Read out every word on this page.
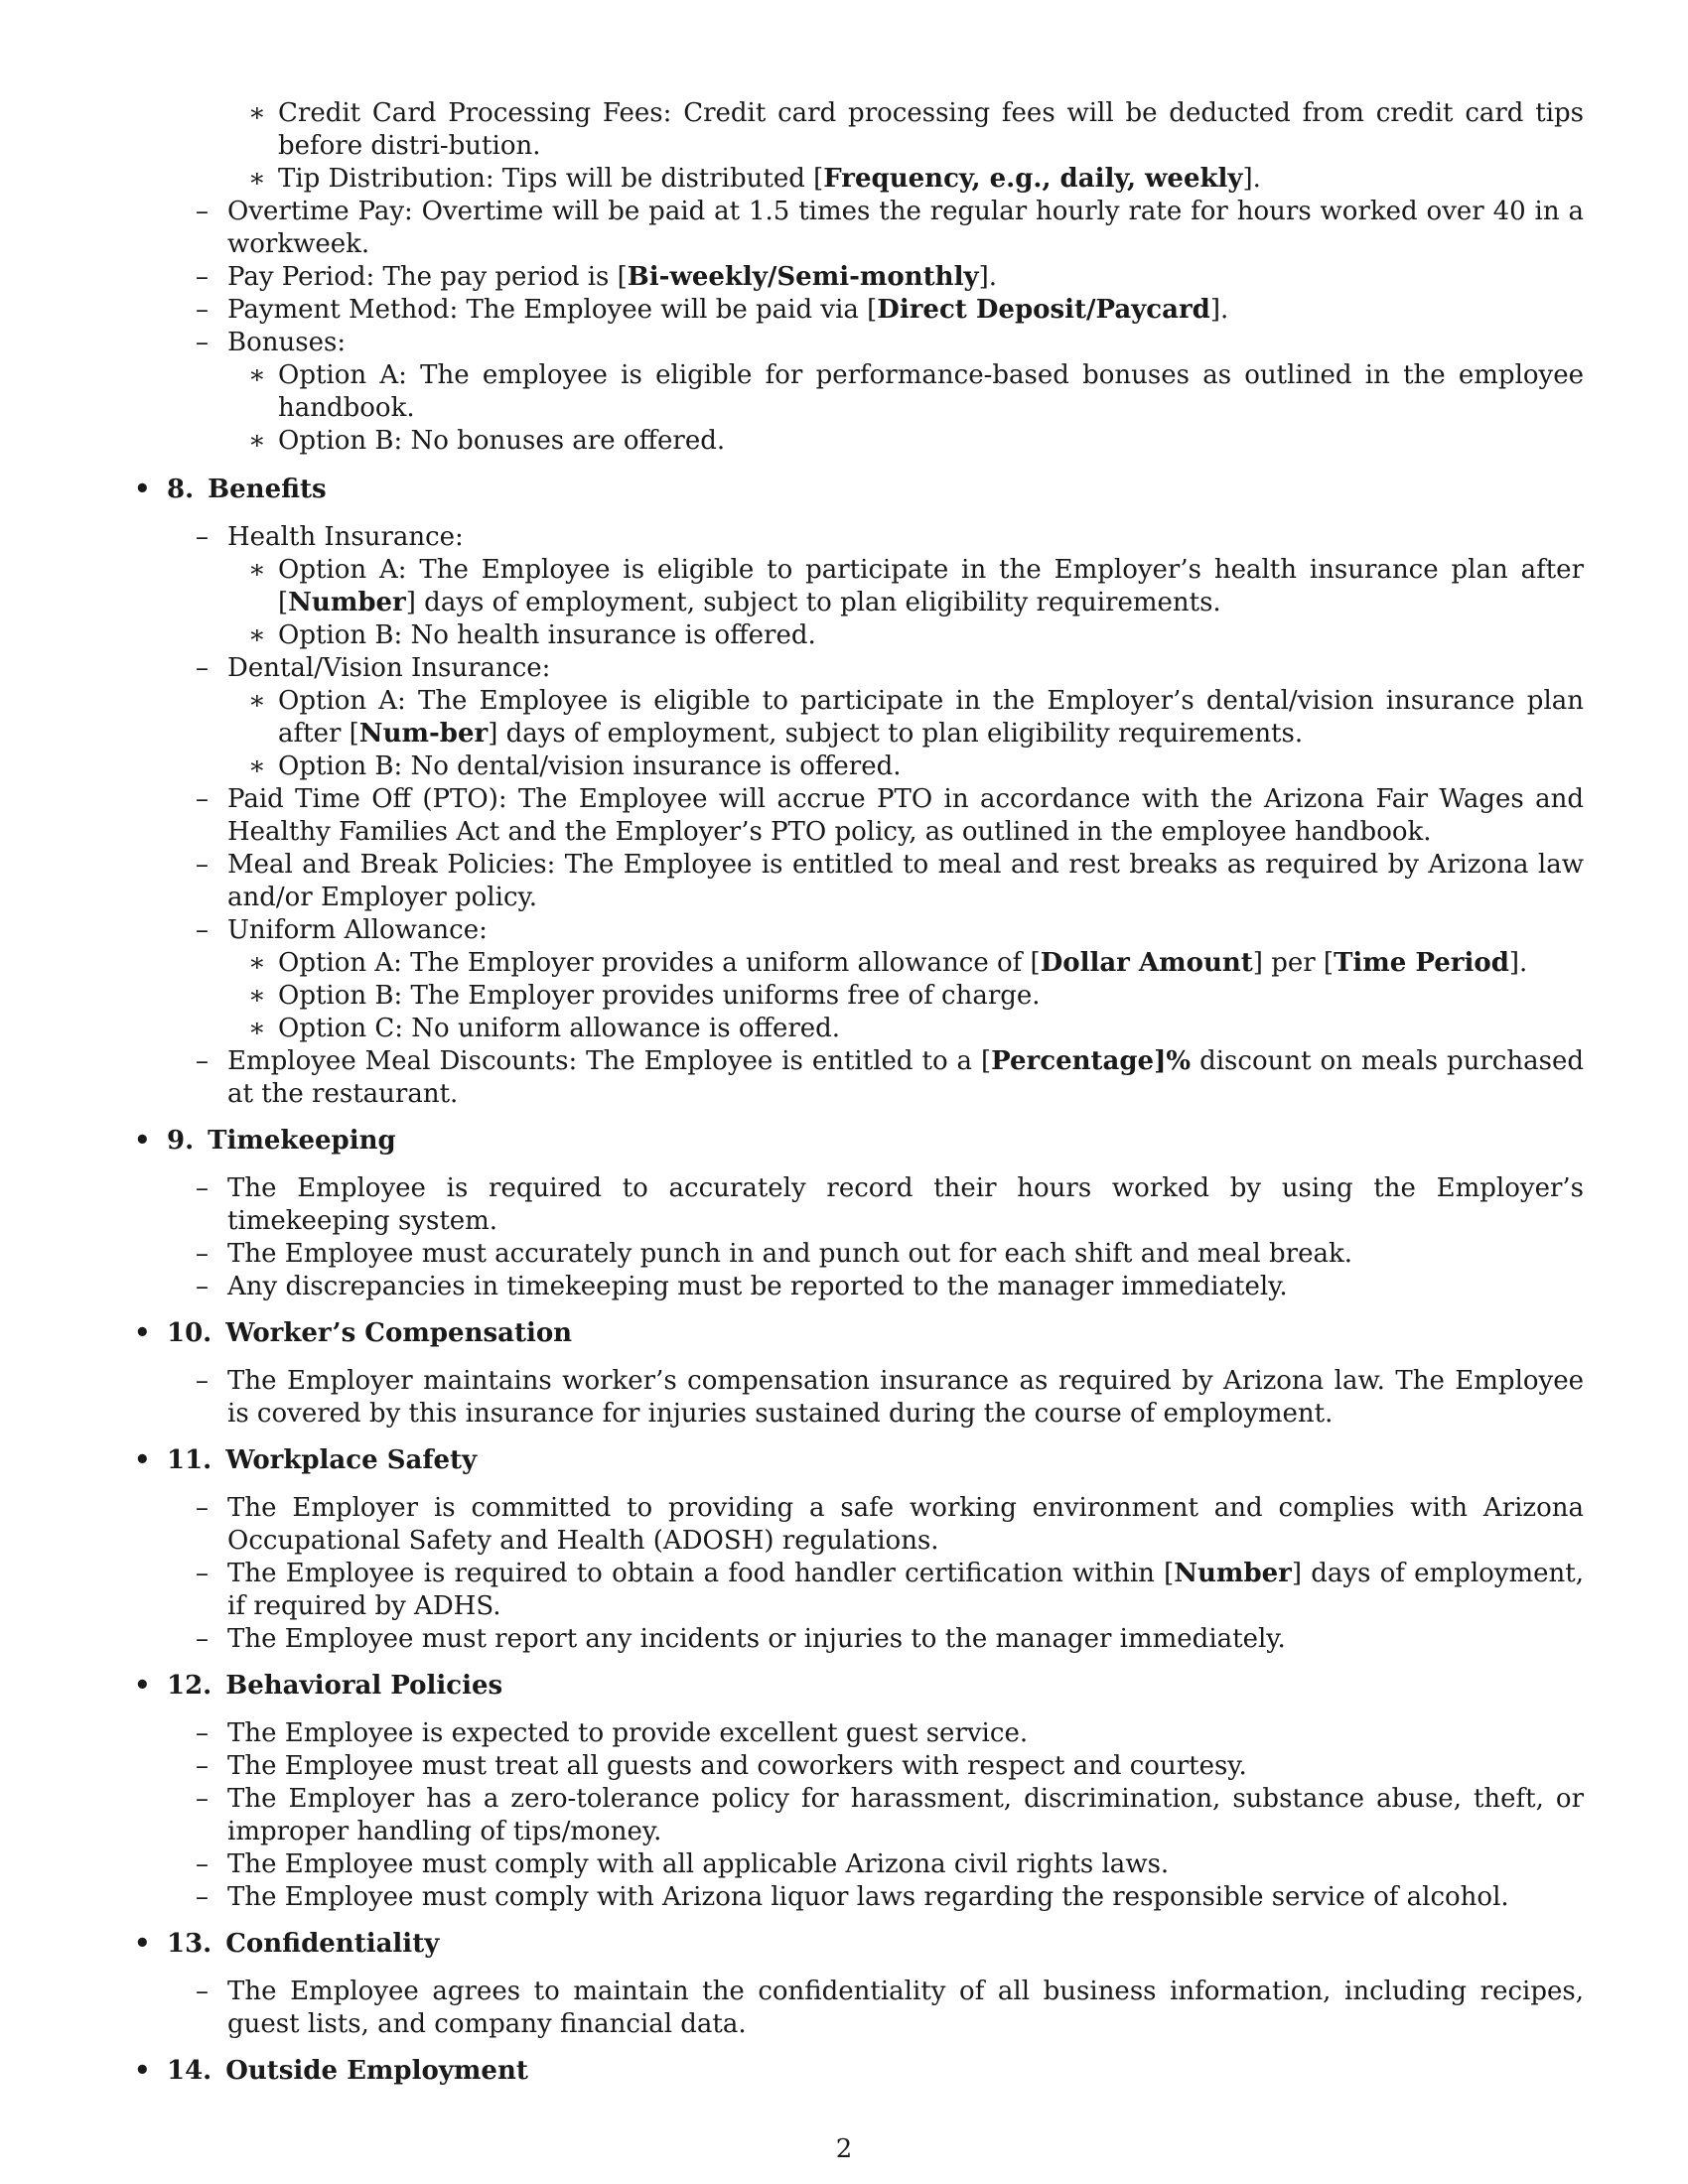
∗ Credit Card Processing Fees: Credit card processing fees will be deducted from credit card tips before distri-bution.
∗ Tip Distribution: Tips will be distributed [Frequency, e.g., daily, weekly].
– Overtime Pay: Overtime will be paid at 1.5 times the regular hourly rate for hours worked over 40 in a workweek.
– Pay Period: The pay period is [Bi-weekly/Semi-monthly].
– Payment Method: The Employee will be paid via [Direct Deposit/Paycard].
– Bonuses:
∗ Option A: The employee is eligible for performance-based bonuses as outlined in the employee handbook.
∗ Option B: No bonuses are offered.
• 8. Benefits
– Health Insurance:
∗ Option A: The Employee is eligible to participate in the Employer’s health insurance plan after [Number] days of employment, subject to plan eligibility requirements.
∗ Option B: No health insurance is offered.
– Dental/Vision Insurance:
∗ Option A: The Employee is eligible to participate in the Employer’s dental/vision insurance plan after [Num-ber] days of employment, subject to plan eligibility requirements.
∗ Option B: No dental/vision insurance is offered.
– Paid Time Off (PTO): The Employee will accrue PTO in accordance with the Arizona Fair Wages and Healthy Families Act and the Employer’s PTO policy, as outlined in the employee handbook.
– Meal and Break Policies: The Employee is entitled to meal and rest breaks as required by Arizona law and/or Employer policy.
– Uniform Allowance:
∗ Option A: The Employer provides a uniform allowance of [Dollar Amount] per [Time Period].
∗ Option B: The Employer provides uniforms free of charge.
∗ Option C: No uniform allowance is offered.
– Employee Meal Discounts: The Employee is entitled to a [Percentage]% discount on meals purchased at the restaurant.
• 9. Timekeeping
– The Employee is required to accurately record their hours worked by using the Employer’s timekeeping system.
– The Employee must accurately punch in and punch out for each shift and meal break.
– Any discrepancies in timekeeping must be reported to the manager immediately.
• 10. Worker’s Compensation
– The Employer maintains worker’s compensation insurance as required by Arizona law. The Employee is covered by this insurance for injuries sustained during the course of employment.
• 11. Workplace Safety
– The Employer is committed to providing a safe working environment and complies with Arizona Occupational Safety and Health (ADOSH) regulations.
– The Employee is required to obtain a food handler certification within [Number] days of employment, if required by ADHS.
– The Employee must report any incidents or injuries to the manager immediately.
• 12. Behavioral Policies
– The Employee is expected to provide excellent guest service.
– The Employee must treat all guests and coworkers with respect and courtesy.
– The Employer has a zero-tolerance policy for harassment, discrimination, substance abuse, theft, or improper handling of tips/money.
– The Employee must comply with all applicable Arizona civil rights laws.
– The Employee must comply with Arizona liquor laws regarding the responsible service of alcohol.
• 13. Confidentiality
– The Employee agrees to maintain the confidentiality of all business information, including recipes, guest lists, and company financial data.
• 14. Outside Employment
2
